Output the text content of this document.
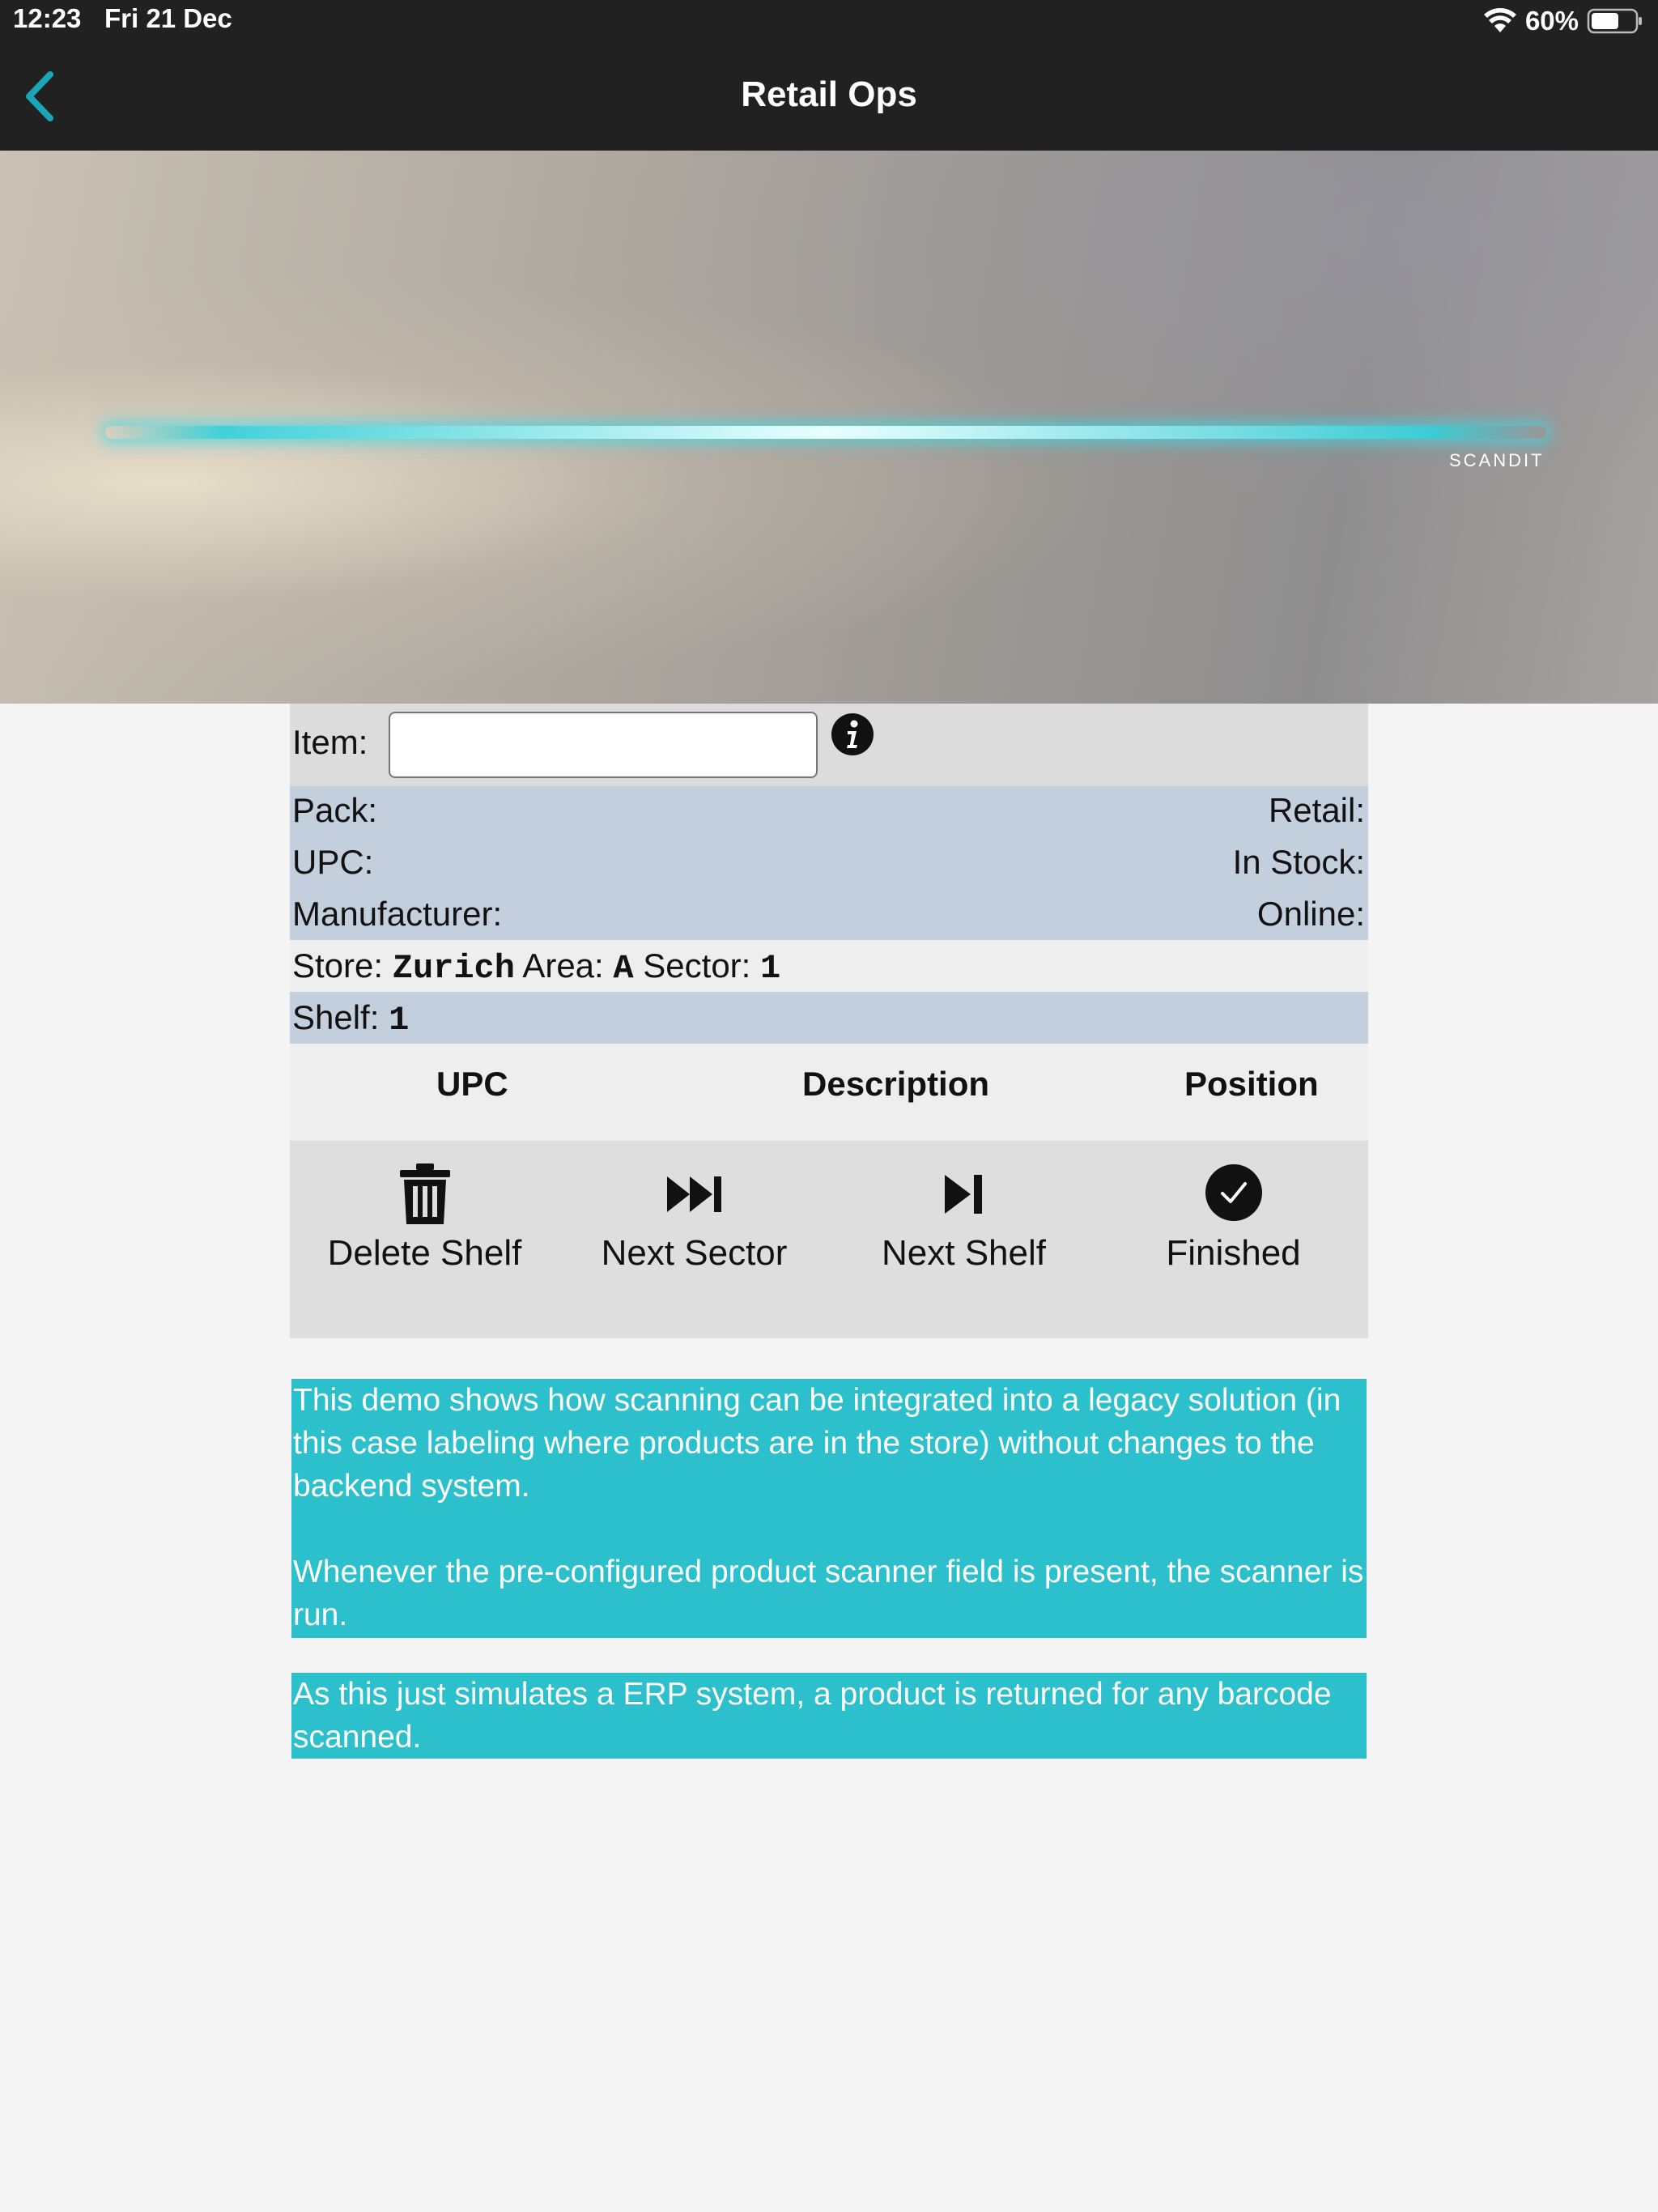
12:23 Fri 21 Dec	60%
Retail Ops
SCANDIT
Item:
Pack:	Retail:
UPC:	In Stock:
Manufacturer:	Online:
Store: Zurich Area: A Sector: 1
Shelf: 1
UPC	Description	Position
Delete Shelf	Next Sector	Next Shelf	Finished

This demo shows how scanning can be integrated into a legacy solution (in this case labeling where products are in the store) without changes to the backend system.

Whenever the pre-configured product scanner field is present, the scanner is run.

As this just simulates a ERP system, a product is returned for any barcode scanned.
